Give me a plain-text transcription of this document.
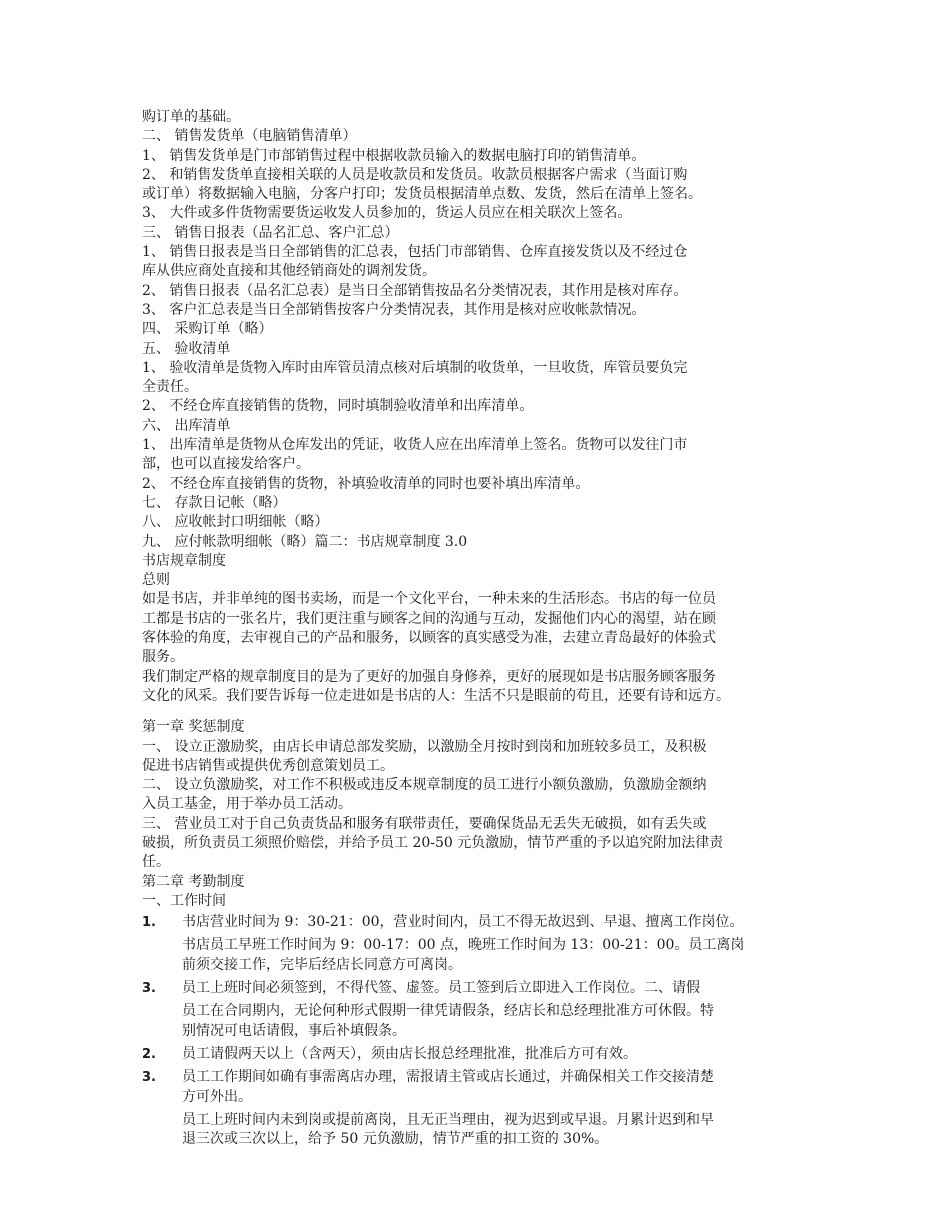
购订单的基础。
二、 销售发货单（电脑销售清单）
1、 销售发货单是门市部销售过程中根据收款员输入的数据电脑打印的销售清单。
2、 和销售发货单直接相关联的人员是收款员和发货员。收款员根据客户需求（当面订购
或订单）将数据输入电脑，分客户打印；发货员根据清单点数、发货，然后在清单上签名。
3、 大件或多件货物需要货运收发人员参加的，货运人员应在相关联次上签名。
三、 销售日报表（品名汇总、客户汇总）
1、 销售日报表是当日全部销售的汇总表，包括门市部销售、仓库直接发货以及不经过仓
库从供应商处直接和其他经销商处的调剂发货。
2、 销售日报表（品名汇总表）是当日全部销售按品名分类情况表，其作用是核对库存。
3、 客户汇总表是当日全部销售按客户分类情况表，其作用是核对应收帐款情况。
四、 采购订单（略）
五、 验收清单
1、 验收清单是货物入库时由库管员清点核对后填制的收货单，一旦收货，库管员要负完
全责任。
2、 不经仓库直接销售的货物，同时填制验收清单和出库清单。
六、 出库清单
1、 出库清单是货物从仓库发出的凭证，收货人应在出库清单上签名。货物可以发往门市
部，也可以直接发给客户。
2、 不经仓库直接销售的货物，补填验收清单的同时也要补填出库清单。
七、 存款日记帐（略）
八、 应收帐封口明细帐（略）
九、 应付帐款明细帐（略）篇二：书店规章制度 3.0
书店规章制度
总则
如是书店，并非单纯的图书卖场，而是一个文化平台，一种未来的生活形态。书店的每一位员
工都是书店的一张名片，我们更注重与顾客之间的沟通与互动，发掘他们内心的渴望，站在顾
客体验的角度，去审视自己的产品和服务，以顾客的真实感受为准，去建立青岛最好的体验式
服务。
我们制定严格的规章制度目的是为了更好的加强自身修养，更好的展现如是书店服务顾客服务
文化的风采。我们要告诉每一位走进如是书店的人：生活不只是眼前的苟且，还要有诗和远方。
第一章 奖惩制度
一、 设立正激励奖，由店长申请总部发奖励，以激励全月按时到岗和加班较多员工，及积极
促进书店销售或提供优秀创意策划员工。
二、 设立负激励奖，对工作不积极或违反本规章制度的员工进行小额负激励，负激励金额纳
入员工基金，用于举办员工活动。
三、 营业员工对于自己负责货品和服务有联带责任，要确保货品无丢失无破损，如有丢失或
破损，所负责员工须照价赔偿，并给予员工 20-50 元负激励，情节严重的予以追究附加法律责
任。
第二章 考勤制度
一、工作时间
1. 书店营业时间为 9：30-21：00，营业时间内，员工不得无故迟到、早退、擅离工作岗位。
书店员工早班工作时间为 9：00-17：00 点，晚班工作时间为 13：00-21：00。员工离岗
前须交接工作，完毕后经店长同意方可离岗。
3. 员工上班时间必须签到，不得代签、虚签。员工签到后立即进入工作岗位。二、请假
员工在合同期内，无论何种形式假期一律凭请假条，经店长和总经理批准方可休假。特
别情况可电话请假，事后补填假条。
2. 员工请假两天以上（含两天），须由店长报总经理批准，批准后方可有效。
3. 员工工作期间如确有事需离店办理，需报请主管或店长通过，并确保相关工作交接清楚
方可外出。
员工上班时间内未到岗或提前离岗，且无正当理由，视为迟到或早退。月累计迟到和早
退三次或三次以上，给予 50 元负激励，情节严重的扣工资的 30%。
